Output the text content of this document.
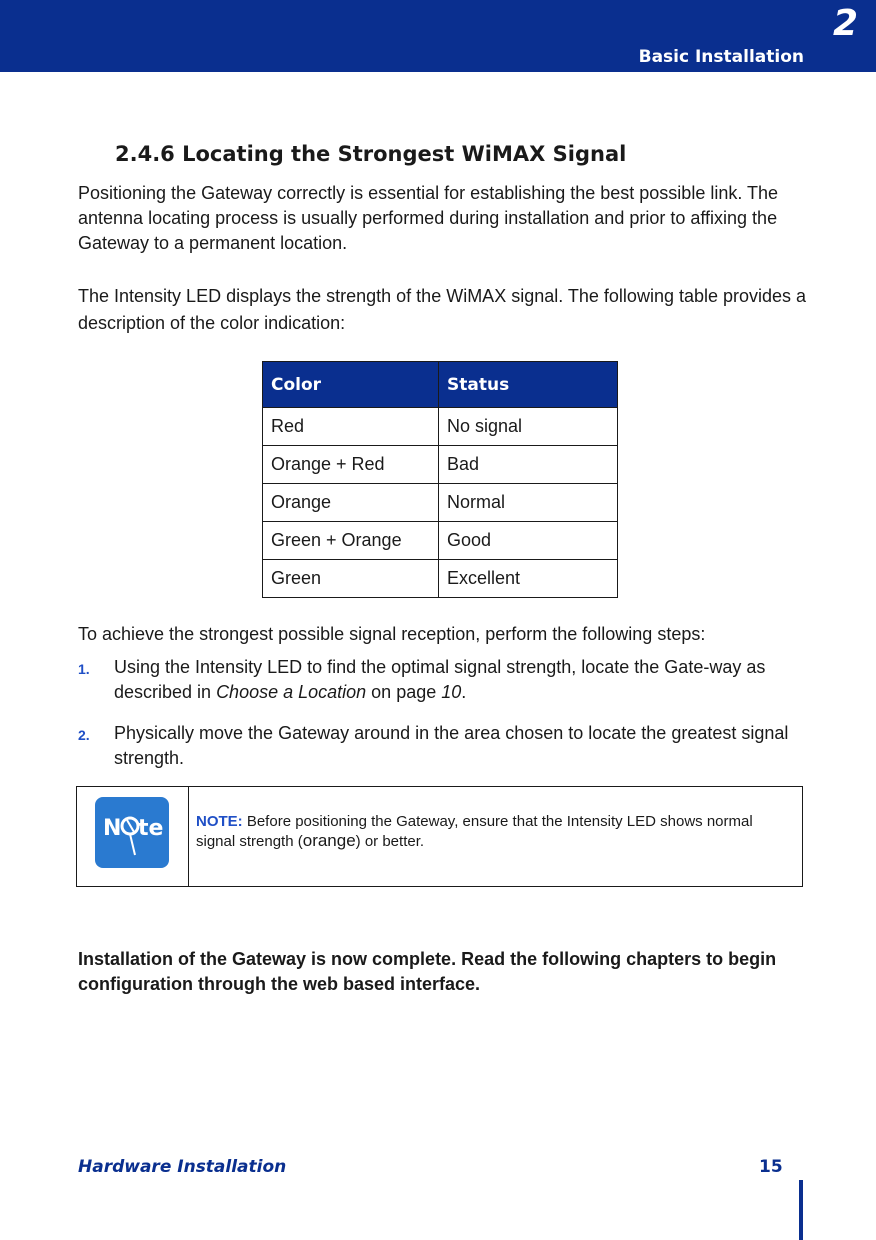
2
Basic Installation
2.4.6 Locating the Strongest WiMAX Signal

Positioning the Gateway correctly is essential for establishing the best possible link. The antenna locating process is usually performed during installation and prior to affixing the Gateway to a permanent location.

The Intensity LED displays the strength of the WiMAX signal. The following table provides a description of the color indication:

Color	Status
Red	No signal
Orange + Red	Bad
Orange	Normal
Green + Orange	Good
Green	Excellent

To achieve the strongest possible signal reception, perform the following steps:

1. Using the Intensity LED to find the optimal signal strength, locate the Gate-way as described in Choose a Location on page 10.
2. Physically move the Gateway around in the area chosen to locate the greatest signal strength.
N te NOTE: Before positioning the Gateway, ensure that the Intensity LED shows normal signal strength (orange) or better.

Installation of the Gateway is now complete. Read the following chapters to begin configuration through the web based interface.

Hardware Installation	15
